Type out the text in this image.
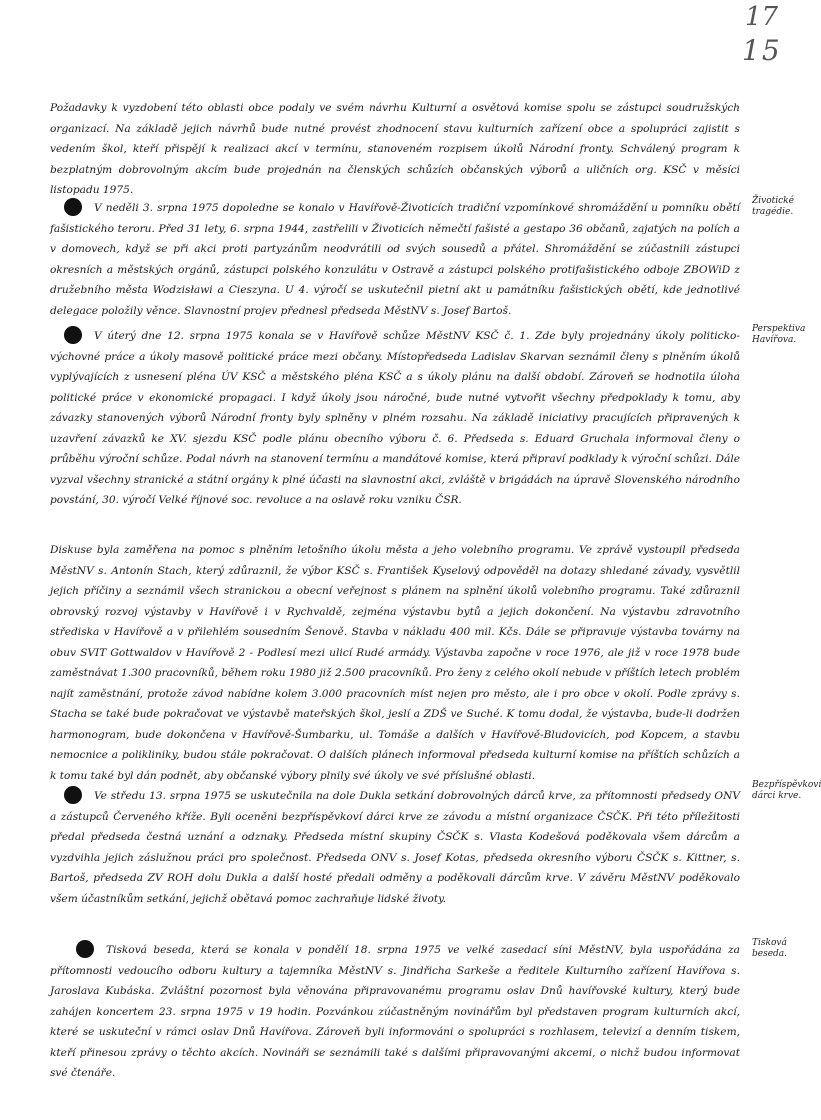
17
15
Požadavky k vyzdobení této oblasti obce podaly ve svém návrhu Kulturní a osvětová komise spolu se zástupci soudružských organizací. Na základě jejich návrhů bude nutné provést zhodnocení stavu kulturních zařízení obce a spolupráci zajistit s vedením škol, kteří přispějí k realizaci akcí v termínu, stanoveném rozpisem úkolů Národní fronty. Schválený program k bezplatným dobrovolným akcím bude projednán na členských schůzích občanských výborů a uličních org. KSČ v měsíci listopadu 1975.
V neděli 3. srpna 1975 dopoledne se konalo v Havířově-Životicích tradiční vzpomínkové shromáždění u pomníku obětí fašistického teroru. Před 31 lety, 6. srpna 1944, zastřelili v Životicích němečtí fašisté a gestapo 36 občanů, zajatých na polích a v domovech, když se při akci proti partyzánům neodvrátili od svých sousedů a přátel. Shromáždění se zúčastnili zástupci okresních a městských orgánů, zástupci polského konzulátu v Ostravě a zástupci polského protifašistického odboje ZBOWiD z družebního města Wodzisławi a Cieszyna. U 4. výročí se uskutečnil pietní akt u památníku fašistických obětí, kde jednotlivé delegace položily věnce. Slavnostní projev přednesl předseda MěstNV s. Josef Bartoš.
Životické tragédie.
V úterý dne 12. srpna 1975 konala se v Havířově schůze MěstNV KSČ č. 1. Zde byly projednány úkoly politicko-výchovné práce a úkoly masově politické práce mezi občany. Místopředseda Ladislav Skarvan seznámil členy s plněním úkolů vyplývajících z usnesení pléna ÚV KSČ a městského pléna KSČ a s úkoly plánu na další období. Zároveň se hodnotila úloha politické práce v ekonomické propagaci. I když úkoly jsou náročné, bude nutné vytvořit všechny předpoklady k tomu, aby závazky stanovených výborů Národní fronty byly splněny v plném rozsahu. Na základě iniciativy pracujících připravených k uzavření závazků ke XV. sjezdu KSČ podle plánu obecního výboru č. 6. Předseda s. Eduard Gruchala informoval členy o průběhu výroční schůze. Podal návrh na stanovení termínu a mandátové komise, která připraví podklady k výroční schůzi. Dále vyzval všechny stranické a státní orgány k plné účasti na slavnostní akci, zvláště v brigádách na úpravě Slovenského národního povstání, 30. výročí Velké říjnové soc. revoluce a na oslavě roku vzniku ČSR.
Perspektiva Havířova.
Diskuse byla zaměřena na pomoc s plněním letošního úkolu města a jeho volebního programu. Ve zprávě vystoupil předseda MěstNV s. Antonín Stach, který zdůraznil, že výbor KSČ s. František Kyselový odpověděl na dotazy shledané závady, vysvětlil jejich příčiny a seznámil všech stranickou a obecní veřejnost s plánem na splnění úkolů volebního programu. Také zdůraznil obrovský rozvoj výstavby v Havířově i v Rychvaldě, zejména výstavbu bytů a jejich dokončení. Na výstavbu zdravotního střediska v Havířově a v přilehlém sousedním Šenově. Stavba v nákladu 400 mil. Kčs. Dále se připravuje výstavba továrny na obuv SVIT Gottwaldov v Havířově 2 - Podlesí mezi ulicí Rudé armády. Výstavba započne v roce 1976, ale již v roce 1978 bude zaměstnávat 1.300 pracovníků, během roku 1980 již 2.500 pracovníků. Pro ženy z celého okolí nebude v příštích letech problém najít zaměstnání, protože závod nabídne kolem 3.000 pracovních míst nejen pro město, ale i pro obce v okolí. Podle zprávy s. Stacha se také bude pokračovat ve výstavbě mateřských škol, jeslí a ZDŠ ve Suché. K tomu dodal, že výstavba, bude-li dodržen harmonogram, bude dokončena v Havířově-Šumbarku, ul. Tomáše a dalších v Havířově-Bludovicích, pod Kopcem, a stavbu nemocnice a polikliniky, budou stále pokračovat. O dalších plánech informoval předseda kulturní komise na příštích schůzích a k tomu také byl dán podnět, aby občanské výbory plnily své úkoly ve své příslušné oblasti.
Ve středu 13. srpna 1975 se uskutečnila na dole Dukla setkání dobrovolných dárců krve, za přítomnosti předsedy ONV a zástupců Červeného kříže. Byli oceněni bezpříspěvkoví dárci krve ze závodu a místní organizace ČSČK. Při této příležitosti předal předseda čestná uznání a odznaky. Předseda místní skupiny ČSČK s. Vlasta Kodešová poděkovala všem dárcům a vyzdvihla jejich záslužnou práci pro společnost. Předseda ONV s. Josef Kotas, předseda okresního výboru ČSČK s. Kittner, s. Bartoš, předseda ZV ROH dolu Dukla a další hosté předali odměny a poděkovali dárcům krve. V závěru MěstNV poděkovalo všem účastníkům setkání, jejichž obětavá pomoc zachraňuje lidské životy.
Bezpříspěvkoví dárci krve.
Tisková beseda, která se konala v pondělí 18. srpna 1975 ve velké zasedací síni MěstNV, byla uspořádána za přítomnosti vedoucího odboru kultury a tajemníka MěstNV s. Jindřicha Sarkeše a ředitele Kulturního zařízení Havířova s. Jaroslava Kubáska. Zvláštní pozornost byla věnována připravovanému programu oslav Dnů havířovské kultury, který bude zahájen koncertem 23. srpna 1975 v 19 hodin. Pozvánkou zúčastněným novinářům byl představen program kulturních akcí, které se uskuteční v rámci oslav Dnů Havířova. Zároveň byli informováni o spolupráci s rozhlasem, televizí a denním tiskem, kteří přinesou zprávy o těchto akcích. Novináři se seznámili také s dalšími připravovanými akcemi, o nichž budou informovat své čtenáře.
Tisková beseda.
